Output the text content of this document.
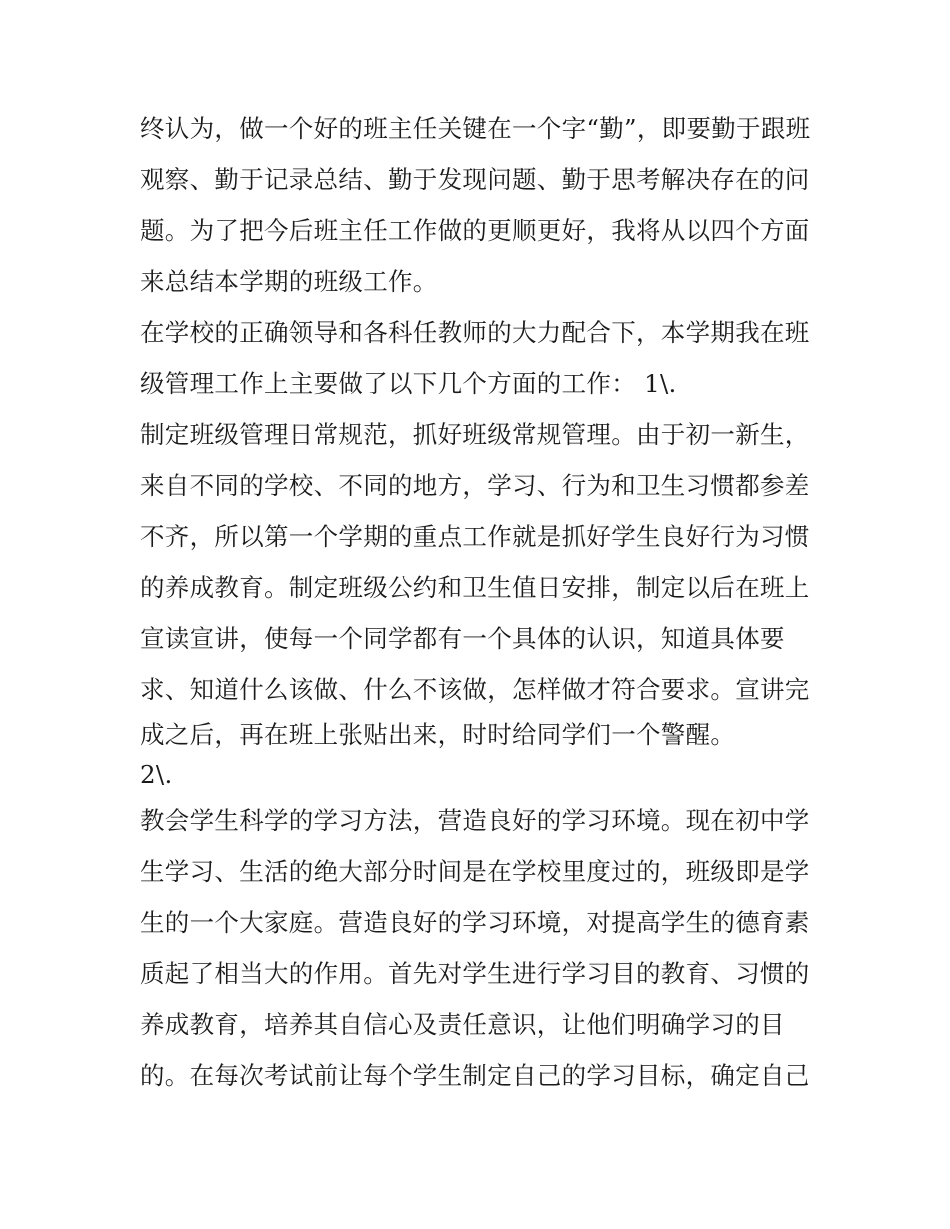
终认为，做一个好的班主任关键在一个字“勤”，即要勤于跟班
观察、勤于记录总结、勤于发现问题、勤于思考解决存在的问
题。为了把今后班主任工作做的更顺更好，我将从以四个方面
来总结本学期的班级工作。
在学校的正确领导和各科任教师的大力配合下，本学期我在班
级管理工作上主要做了以下几个方面的工作： 1\.
制定班级管理日常规范，抓好班级常规管理。由于初一新生，
来自不同的学校、不同的地方，学习、行为和卫生习惯都参差
不齐，所以第一个学期的重点工作就是抓好学生良好行为习惯
的养成教育。制定班级公约和卫生值日安排，制定以后在班上
宣读宣讲，使每一个同学都有一个具体的认识，知道具体要
求、知道什么该做、什么不该做，怎样做才符合要求。宣讲完
成之后，再在班上张贴出来，时时给同学们一个警醒。
2\.
教会学生科学的学习方法，营造良好的学习环境。现在初中学
生学习、生活的绝大部分时间是在学校里度过的，班级即是学
生的一个大家庭。营造良好的学习环境，对提高学生的德育素
质起了相当大的作用。首先对学生进行学习目的教育、习惯的
养成教育，培养其自信心及责任意识，让他们明确学习的目
的。在每次考试前让每个学生制定自己的学习目标，确定自己
